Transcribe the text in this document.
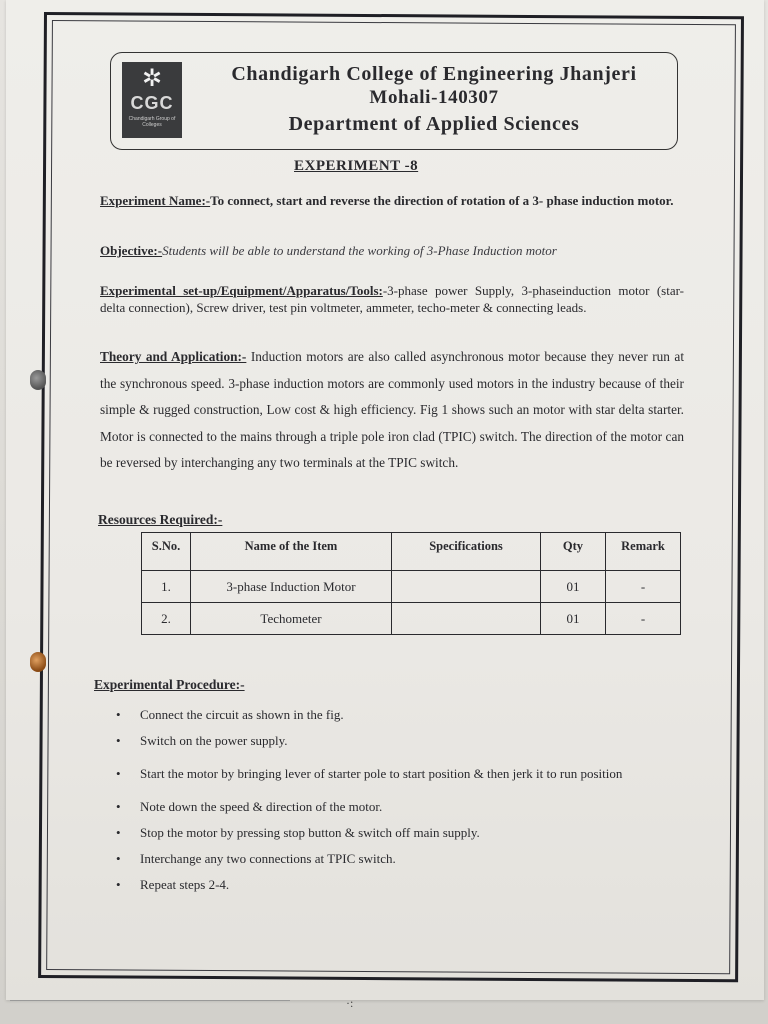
✲
CGC
Chandigarh Group of Colleges
Chandigarh College of Engineering Jhanjeri
Mohali-140307
Department of Applied Sciences
EXPERIMENT -8
Experiment Name:-To connect, start and reverse the direction of rotation of a 3- phase induction motor.
Objective:-Students will be able to understand the working of 3-Phase Induction motor
Experimental set-up/Equipment/Apparatus/Tools:-3-phase power Supply, 3-phaseinduction motor (star-delta connection), Screw driver, test pin voltmeter, ammeter, techo-meter & connecting leads.
Theory and Application:- Induction motors are also called asynchronous motor because they never run at the synchronous speed. 3-phase induction motors are commonly used motors in the industry because of their simple & rugged construction, Low cost & high efficiency. Fig 1 shows such an motor with star delta starter. Motor is connected to the mains through a triple pole iron clad (TPIC) switch. The direction of the motor can be reversed by interchanging any two terminals at the TPIC switch.
Resources Required:-
S.No.	Name of the Item	Specifications	Qty	Remark
1.	3-phase Induction Motor		01	-
2.	Techometer		01	-
Experimental Procedure:-
• Connect the circuit as shown in the fig.
• Switch on the power supply.
• Start the motor by bringing lever of starter pole to start position & then jerk it to run position
• Note down the speed & direction of the motor.
• Stop the motor by pressing stop button & switch off main supply.
• Interchange any two connections at TPIC switch.
• Repeat steps 2-4.
·:
